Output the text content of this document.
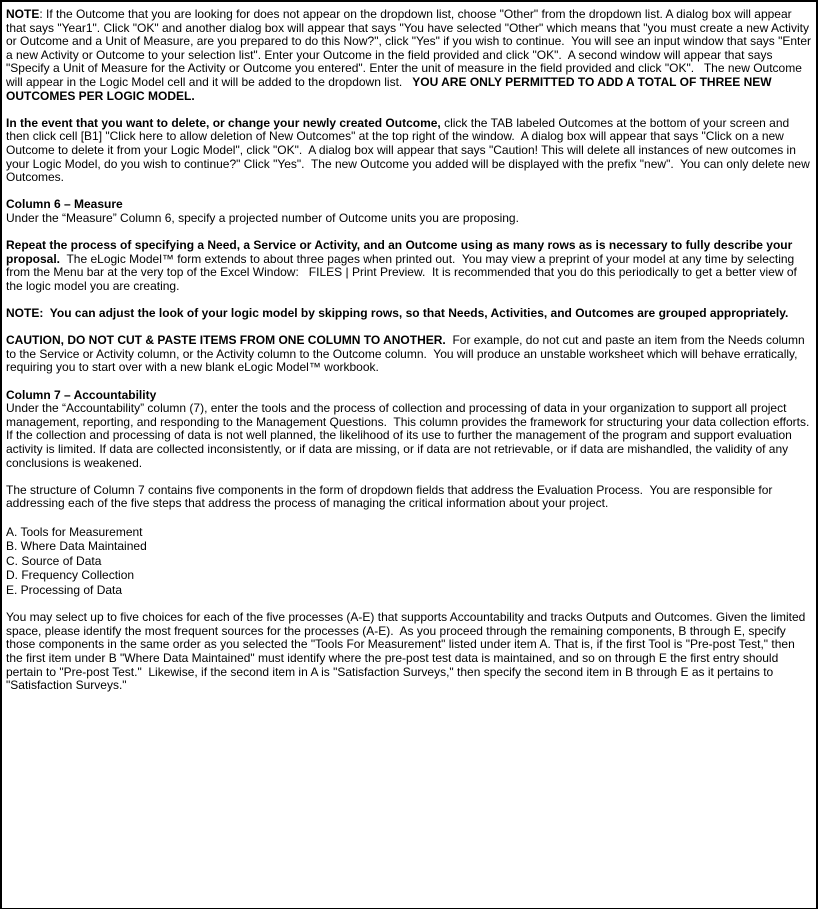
NOTE: If the Outcome that you are looking for does not appear on the dropdown list, choose "Other" from the dropdown list. A dialog box will appear that says "Year1". Click "OK" and another dialog box will appear that says "You have selected "Other" which means that "you must create a new Activity or Outcome and a Unit of Measure, are you prepared to do this Now?", click "Yes" if you wish to continue.  You will see an input window that says "Enter a new Activity or Outcome to your selection list". Enter your Outcome in the field provided and click "OK".  A second window will appear that says "Specify a Unit of Measure for the Activity or Outcome you entered". Enter the unit of measure in the field provided and click "OK".   The new Outcome will appear in the Logic Model cell and it will be added to the dropdown list.   YOU ARE ONLY PERMITTED TO ADD A TOTAL OF THREE NEW OUTCOMES PER LOGIC MODEL.

In the event that you want to delete, or change your newly created Outcome, click the TAB labeled Outcomes at the bottom of your screen and then click cell [B1] "Click here to allow deletion of New Outcomes" at the top right of the window.  A dialog box will appear that says "Click on a new Outcome to delete it from your Logic Model", click "OK".  A dialog box will appear that says "Caution! This will delete all instances of new outcomes in your Logic Model, do you wish to continue?" Click "Yes".  The new Outcome you added will be displayed with the prefix "new".  You can only delete new Outcomes.

Column 6 – Measure

Under the “Measure” Column 6, specify a projected number of Outcome units you are proposing.

Repeat the process of specifying a Need, a Service or Activity, and an Outcome using as many rows as is necessary to fully describe your proposal.  The eLogic Model™ form extends to about three pages when printed out.  You may view a preprint of your model at any time by selecting from the Menu bar at the very top of the Excel Window:   FILES | Print Preview.  It is recommended that you do this periodically to get a better view of the logic model you are creating.

NOTE:  You can adjust the look of your logic model by skipping rows, so that Needs, Activities, and Outcomes are grouped appropriately.

CAUTION, DO NOT CUT & PASTE ITEMS FROM ONE COLUMN TO ANOTHER.  For example, do not cut and paste an item from the Needs column to the Service or Activity column, or the Activity column to the Outcome column.  You will produce an unstable worksheet which will behave erratically, requiring you to start over with a new blank eLogic Model™ workbook.

Column 7 – Accountability

Under the “Accountability” column (7), enter the tools and the process of collection and processing of data in your organization to support all project management, reporting, and responding to the Management Questions.  This column provides the framework for structuring your data collection efforts. If the collection and processing of data is not well planned, the likelihood of its use to further the management of the program and support evaluation activity is limited. If data are collected inconsistently, or if data are missing, or if data are not retrievable, or if data are mishandled, the validity of any conclusions is weakened.

The structure of Column 7 contains five components in the form of dropdown fields that address the Evaluation Process.  You are responsible for addressing each of the five steps that address the process of managing the critical information about your project.

A. Tools for Measurement
B. Where Data Maintained
C. Source of Data
D. Frequency Collection
E. Processing of Data

You may select up to five choices for each of the five processes (A-E) that supports Accountability and tracks Outputs and Outcomes. Given the limited space, please identify the most frequent sources for the processes (A-E).  As you proceed through the remaining components, B through E, specify those components in the same order as you selected the "Tools For Measurement" listed under item A. That is, if the first Tool is "Pre-post Test," then the first item under B "Where Data Maintained" must identify where the pre-post test data is maintained, and so on through E the first entry should pertain to "Pre-post Test."  Likewise, if the second item in A is "Satisfaction Surveys," then specify the second item in B through E as it pertains to "Satisfaction Surveys."
